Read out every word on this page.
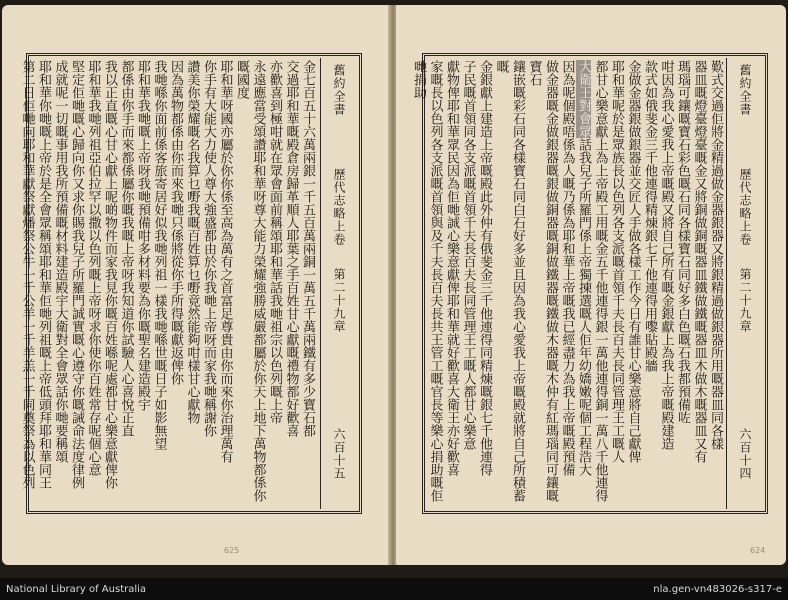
金七百五十六萬兩銀一千五百萬兩銅一萬五千萬兩鐵有多少寶石都
交過耶和華嘅殿倉房歸革順人耶葉之手百姓甘心獻嘅禮物都好歡喜
亦歡喜到極咁就在眾會面前稱頌耶和華話我哋祖宗以色列嘅上帝
永遠應當受頌讚耶和華呀尊大能力榮耀強勝威嚴都屬於你天上地下萬物都係你嘅國度
耶和華呀國亦屬於你你係至高為萬有之首富足尊貴由你而來你治理萬有
你手有大能大力使人尊大強盛都由於你我哋上帝呀而家我哋稱謝你
讚美你榮耀嘅名我算乜嘢我嘅百姓算乜嘢竟然能夠咁樣甘心獻物
因為萬物都係由你而來我哋只係將從你手所得嘅獻返俾你
我哋喺你面前係客旅寄居好似我哋列祖一樣我哋喺世嘅日子如影無望
耶和華我哋嘅上帝呀我哋預備咁多材料要為你嘅聖名建造殿宇
都係由你手而來都係屬你嘅我嘅上帝呀我知道你試驗人心喜悅正直
我以正直嘅心甘心獻上呢啲物件而家我見你嘅百姓喺呢處都甘心樂意獻俾你
耶和華我哋列祖亞伯拉罕以撒以色列嘅上帝呀求你使你百姓常存呢個心意
堅定佢哋嘅心歸向你又求你賜我兒子所羅門誠實嘅心遵守你嘅誡命法度律例
成就呢一切嘅事用我所預備嘅材料建造殿宇大衛對全會眾話你哋要稱頌
耶和華你哋嘅上帝於是全會眾稱頌耶和華佢哋列祖嘅上帝低頭拜耶和華同王
第二日佢哋向耶和華獻祭獻燔祭公牛一千公羊一千羊羔一千同奠祭為以色列	舊約全書
歷代志略上卷
第二十九章
六百十五
625
歎式交過佢將金精過做金器銀器又將銀精過做銀器所用嘅器皿同各樣
器皿嘅燈臺燈臺嘅金又將銅做銅嘅器皿鐵做鐵嘅器皿木做木嘅器皿又有
瑪瑙可鑲嘅寶石彩色嘅石同各樣寶石同好多白色嘅石我都預備咗
咁因為我心愛我上帝嘅殿又將自己所有嘅金銀獻上為我上帝嘅殿建造
款式如俄斐金三千他連得精煉銀七千他連得用嚟貼殿牆
金做金器銀做銀器並交匠人手做各樣工作今日有誰甘心樂意將自己獻俾
耶和華呢於是眾族長以色列各支派嘅首領千夫長百夫長同管理王工嘅人
都甘心樂意獻上為上帝殿工用嘅金五千他連得銀一萬他連得銅一萬八千他連得
大衛王對會眾話我兒子所羅門係上帝獨揀選嘅人佢年幼嬌嫩呢個工程浩大
因為呢個殿唔係為人嘅乃係為耶和華上帝嘅我已經盡力為我上帝嘅殿預備
做金器嘅金做銀器嘅銀做銅器嘅銅做鐵器嘅鐵做木器嘅木仲有紅瑪瑙同可鑲嘅寶石
鑲嵌嘅彩石同各樣寶石同白石好多並且因為我心愛我上帝嘅殿就將自己所積蓄嘅
金銀獻上建造上帝嘅殿此外仲有俄斐金三千他連得同精煉嘅銀七千他連得
子民嘅首領同各支派嘅首領千夫長百夫長同管理王工嘅人都甘心樂意
獻物俾耶和華眾民因為佢哋誠心樂意獻俾耶和華就好歡喜大衛王亦好歡喜
家嘅長以色列各支派嘅首領與及千夫長百夫長共王管工嘅官長等樂心捐助嘅佢哋捐助	舊約全書
歷代志略上卷
第二十九章
六百十四
624
National Library of Australia	nla.gen-vn483026-s317-e
